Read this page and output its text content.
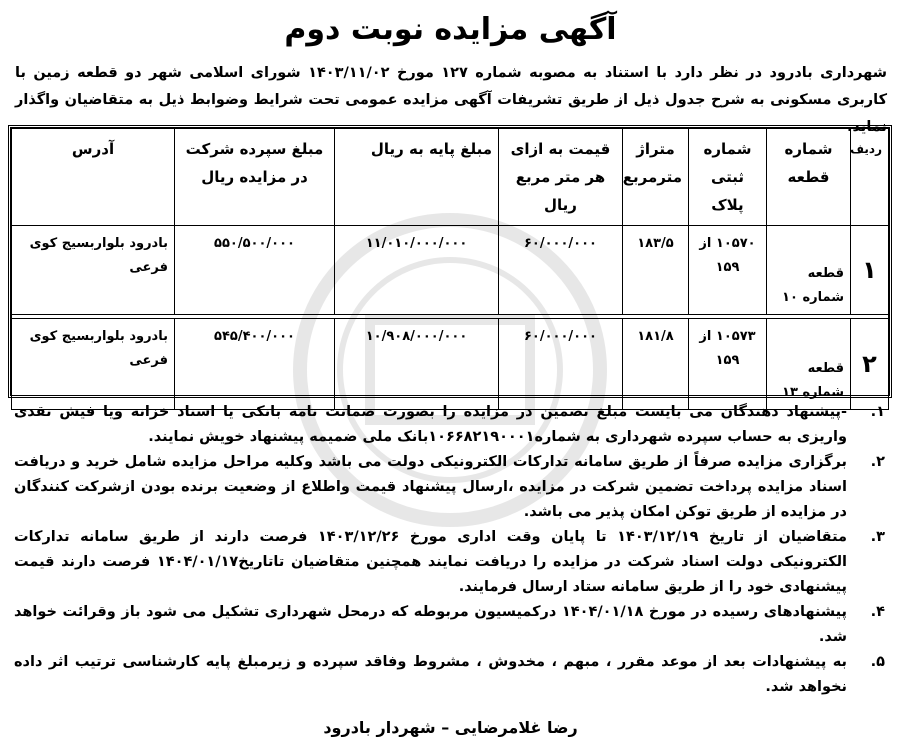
آگهی مزایده نوبت دوم
شهرداری بادرود در نظر دارد با استناد به مصوبه شماره ۱۲۷ مورخ ۱۴۰۳/۱۱/۰۲ شورای اسلامی شهر دو قطعه زمین با کاربری مسکونی به شرح جدول ذیل از طریق تشریفات آگهی مزایده عمومی تحت شرایط وضوابط ذیل به متقاضیان واگذار نماید.
ردیف	شماره قطعه	شماره ثبتی پلاک	متراژ مترمربع	قیمت به ازای هر متر مربع ریال	مبلغ پایه به ریال	مبلغ سپرده شرکت در مزایده ریال	آدرس
۱	قطعه شماره ۱۰	۱۰۵۷۰ از ۱۵۹	۱۸۳/۵	۶۰/۰۰۰/۰۰۰	۱۱/۰۱۰/۰۰۰/۰۰۰	۵۵۰/۵۰۰/۰۰۰	بادرود بلواربسیج کوی فرعی

۲	قطعه شماره ۱۳	۱۰۵۷۳ از ۱۵۹	۱۸۱/۸	۶۰/۰۰۰/۰۰۰	۱۰/۹۰۸/۰۰۰/۰۰۰	۵۴۵/۴۰۰/۰۰۰	بادرود بلواربسیج کوی فرعی
۱.
-پیشنهاد دهندگان می بایست مبلغ تضمین در مزایده را بصورت ضمانت نامه بانکی یا اسناد خزانه ویا فیش نقدی واریزی به حساب سپرده شهرداری به شماره۱۰۶۶۸۲۱۹۰۰۰۱بانک ملی ضمیمه پیشنهاد خویش نمایند.
۲.
برگزاری مزایده صرفاً از طریق سامانه تدارکات الکترونیکی دولت می باشد وکلیه مراحل مزایده شامل خرید و دریافت اسناد مزایده پرداخت تضمین شرکت در مزایده ،ارسال پیشنهاد قیمت واطلاع از وضعیت برنده بودن ازشرکت کنندگان در مزایده از طریق توکن امکان پذیر می باشد.
۳.
متقاضیان از تاریخ ۱۴۰۳/۱۲/۱۹ تا پایان وقت اداری مورخ ۱۴۰۳/۱۲/۲۶ فرصت دارند از طریق سامانه تدارکات الکترونیکی دولت اسناد شرکت در مزایده را دریافت نمایند همچنین متقاضیان تاتاریخ۱۴۰۴/۰۱/۱۷ فرصت دارند قیمت پیشنهادی خود را از طریق سامانه ستاد ارسال فرمایند.
۴.
پیشنهادهای رسیده در مورخ ۱۴۰۴/۰۱/۱۸ درکمیسیون مربوطه که درمحل شهرداری تشکیل می شود باز وقرائت خواهد شد.
۵.
به پیشنهادات بعد از موعد مقرر ، مبهم ، مخدوش ، مشروط وفاقد سپرده و زیرمبلغ پایه کارشناسی ترتیب اثر داده نخواهد شد.
رضا غلامرضایی – شهردار بادرود
